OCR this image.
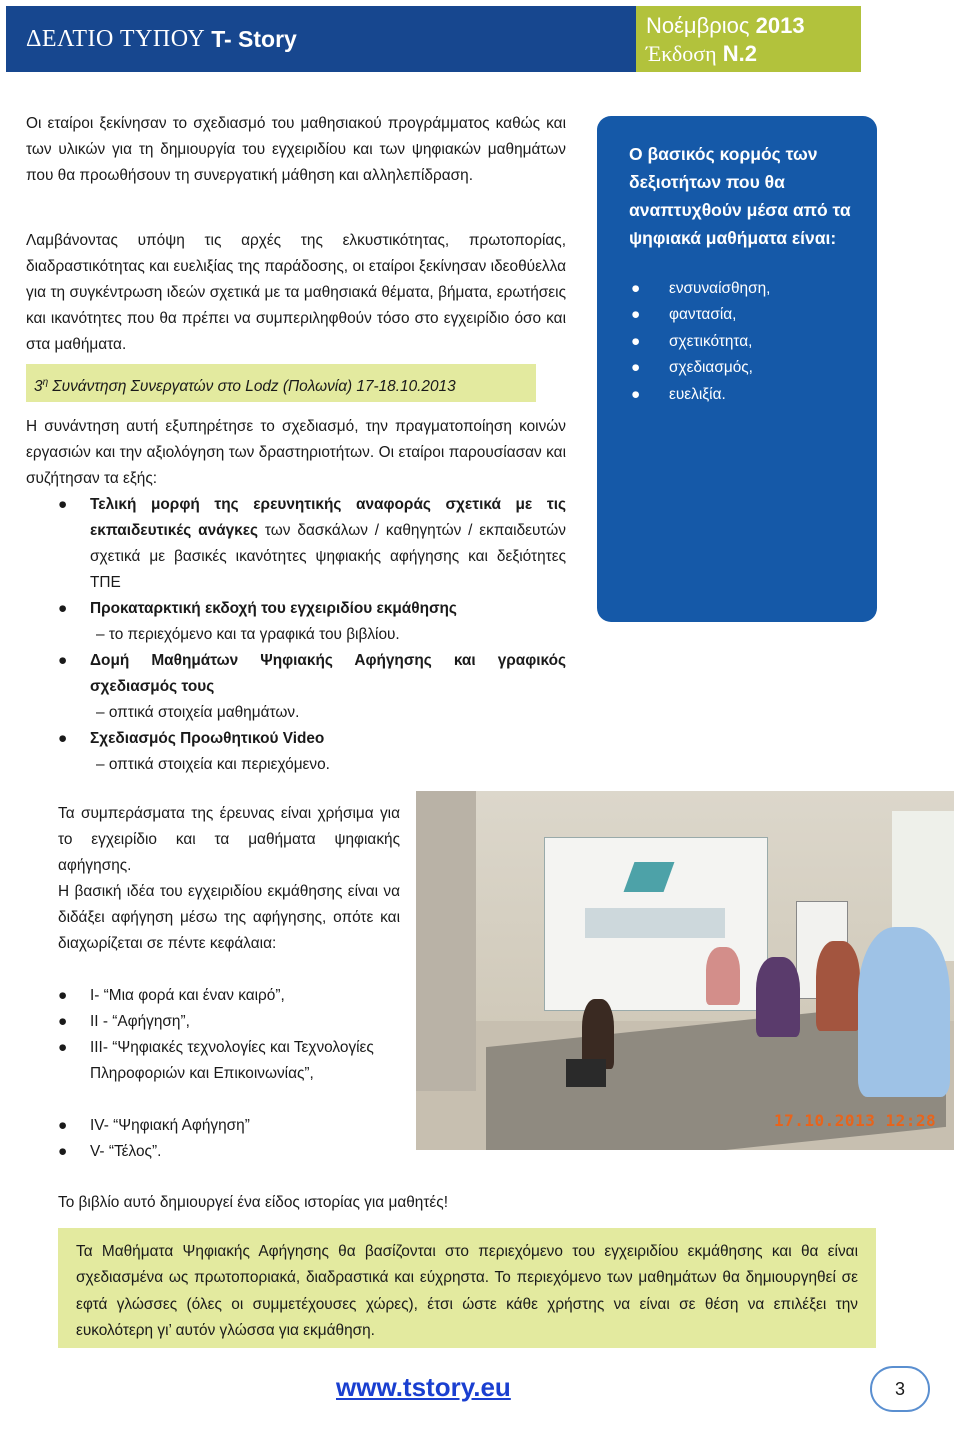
ΔΕΛΤΙΟ ΤΥΠΟΥ T- Story	Νοέμβριος 2013
Έκδοση N.2

Οι εταίροι ξεκίνησαν το σχεδιασμό του μαθησιακού προγράμματος καθώς και των υλικών για τη δημιουργία του εγχειριδίου και των ψηφιακών μαθημάτων που θα προωθήσουν τη συνεργατική μάθηση και αλληλεπίδραση.

Λαμβάνοντας υπόψη τις αρχές της ελκυστικότητας, πρωτοπορίας, διαδραστικότητας και ευελιξίας της παράδοσης, οι εταίροι ξεκίνησαν ιδεοθύελλα για τη συγκέντρωση ιδεών σχετικά με τα μαθησιακά θέματα, βήματα, ερωτήσεις και ικανότητες που θα πρέπει να συμπεριληφθούν τόσο στο εγχειρίδιο όσο και στα μαθήματα.

$3^\eta$ Συνάντηση Συνεργατών στο Lodz (Πολωνία) 17-18.10.2013

Η συνάντηση αυτή εξυπηρέτησε το σχεδιασμό, την πραγματοποίηση κοινών εργασιών και την αξιολόγηση των δραστηριοτήτων. Οι εταίροι παρουσίασαν και συζήτησαν τα εξής:

● Τελική μορφή της ερευνητικής αναφοράς σχετικά με τις εκπαιδευτικές ανάγκες των δασκάλων / καθηγητών / εκπαιδευτών σχετικά με βασικές ικανότητες ψηφιακής αφήγησης και δεξιότητες ΤΠΕ
● Προκαταρκτική εκδοχή του εγχειριδίου εκμάθησης
– το περιεχόμενο και τα γραφικά του βιβλίου.
● Δομή Μαθημάτων Ψηφιακής Αφήγησης και γραφικός σχεδιασμός τους
– οπτικά στοιχεία μαθημάτων.
● Σχεδιασμός Προωθητικού Video
– οπτικά στοιχεία και περιεχόμενο.
Ο βασικός κορμός των δεξιοτήτων που θα αναπτυχθούν μέσα από τα ψηφιακά μαθήματα είναι:
● ενσυναίσθηση,
● φαντασία,
● σχετικότητα,
● σχεδιασμός,
● ευελιξία.

Τα συμπεράσματα της έρευνας είναι χρήσιμα για το εγχειρίδιο και τα μαθήματα ψηφιακής αφήγησης.

Η βασική ιδέα του εγχειριδίου εκμάθησης είναι να διδάξει αφήγηση μέσω της αφήγησης, οπότε και διαχωρίζεται σε πέντε κεφάλαια:

● I- “Μια φορά και έναν καιρό”,
● II - “Αφήγηση”,
● III- “Ψηφιακές τεχνολογίες και Τεχνολογίες Πληροφοριών και Επικοινωνίας”,
● IV- “Ψηφιακή Αφήγηση”
● V- “Τέλος”.
17.10.2013 12:28

Το βιβλίο αυτό δημιουργεί ένα είδος ιστορίας για μαθητές!

Τα Μαθήματα Ψηφιακής Αφήγησης θα βασίζονται στο περιεχόμενο του εγχειριδίου εκμάθησης και θα είναι σχεδιασμένα ως πρωτοποριακά, διαδραστικά και εύχρηστα. Το περιεχόμενο των μαθημάτων θα δημιουργηθεί σε εφτά γλώσσες (όλες οι συμμετέχουσες χώρες), έτσι ώστε κάθε χρήστης να είναι σε θέση να επιλέξει την ευκολότερη γι’ αυτόν γλώσσα για εκμάθηση.

www.tstory.eu	3
